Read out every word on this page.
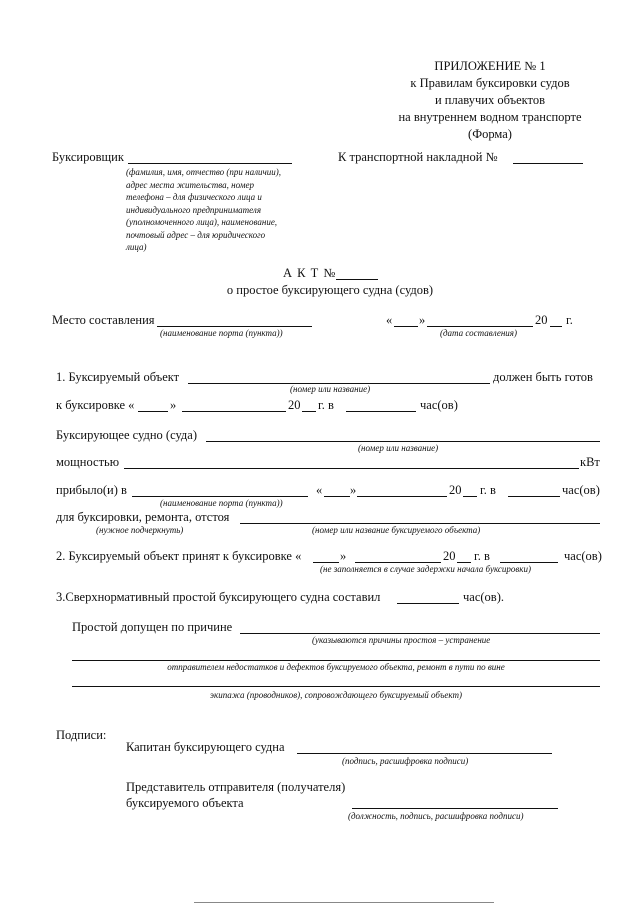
ПРИЛОЖЕНИЕ № 1
к Правилам буксировки судов
и плавучих объектов
на внутреннем водном транспорте
(Форма)
Буксировщик
(фамилия, имя, отчество (при наличии),
адрес места жительства, номер
телефона – для физического лица и
индивидуального предпринимателя
(уполномоченного лица), наименование,
почтовый адрес – для юридического
лица)
К транспортной накладной №
А К Т №
о простое буксирующего судна (судов)
Место составления
(наименование порта (пункта))
« »	20 г.
(дата составления)
1. Буксируемый объект	должен быть готов
(номер или название)
к буксировке «	»	20 г. в	час(ов)
Буксирующее судно (суда)
(номер или название)
мощностью	кВт
прибыло(и) в
(наименование порта (пункта))
« »	20 г. в	час(ов)
для буксировки, ремонта, отстоя
(нужное подчеркнуть)	(номер или название буксируемого объекта)
2. Буксируемый объект принят к буксировке «	»	20 г. в	час(ов)
(не заполняется в случае задержки начала буксировки)
3.Сверхнормативный простой буксирующего судна составил	час(ов).
Простой допущен по причине
(указываются причины простоя – устранение
отправителем недостатков и дефектов буксируемого объекта, ремонт в пути по вине
экипажа (проводников), сопровождающего буксируемый объект)
Подписи:
Капитан буксирующего судна
(подпись, расшифровка подписи)
Представитель отправителя (получателя)
буксируемого объекта
(должность, подпись, расшифровка подписи)
